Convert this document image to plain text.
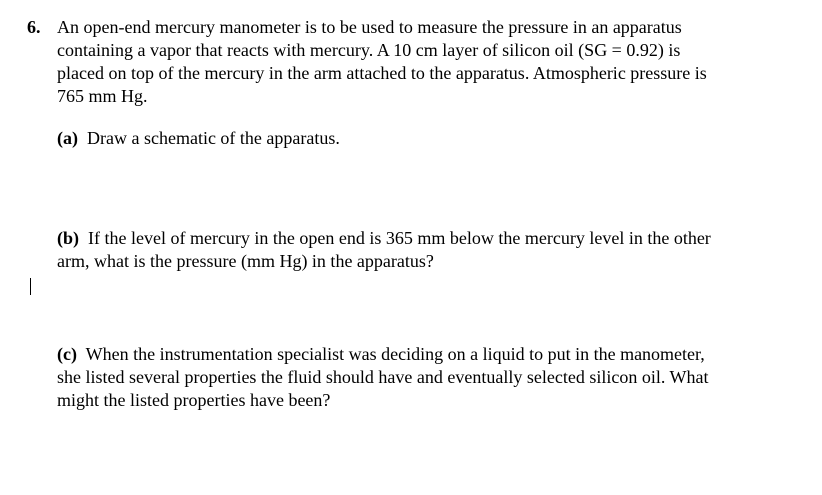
6. An open-end mercury manometer is to be used to measure the pressure in an apparatus
containing a vapor that reacts with mercury. A 10 cm layer of silicon oil (SG = 0.92) is
placed on top of the mercury in the arm attached to the apparatus. Atmospheric pressure is
765 mm Hg.
(a) Draw a schematic of the apparatus.
(b) If the level of mercury in the open end is 365 mm below the mercury level in the other
arm, what is the pressure (mm Hg) in the apparatus?
(c) When the instrumentation specialist was deciding on a liquid to put in the manometer,
she listed several properties the fluid should have and eventually selected silicon oil. What
might the listed properties have been?
